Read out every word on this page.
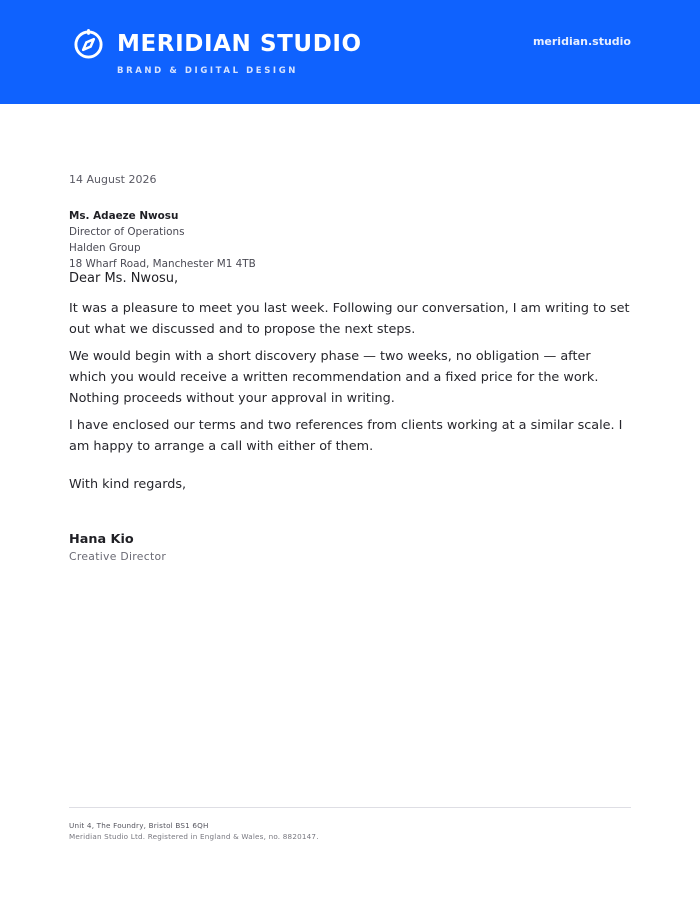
MERIDIAN STUDIO
BRAND & DIGITAL DESIGN
meridian.studio
14 August 2026
Ms. Adaeze Nwosu
Director of Operations
Halden Group
18 Wharf Road, Manchester M1 4TB
Dear Ms. Nwosu,

It was a pleasure to meet you last week. Following our conversation, I am writing to set out what we discussed and to propose the next steps.

We would begin with a short discovery phase — two weeks, no obligation — after which you would receive a written recommendation and a fixed price for the work. Nothing proceeds without your approval in writing.

I have enclosed our terms and two references from clients working at a similar scale. I am happy to arrange a call with either of them.

With kind regards,
Hana Kio
Creative Director
Unit 4, The Foundry, Bristol BS1 6QH
Meridian Studio Ltd. Registered in England & Wales, no. 8820147.
